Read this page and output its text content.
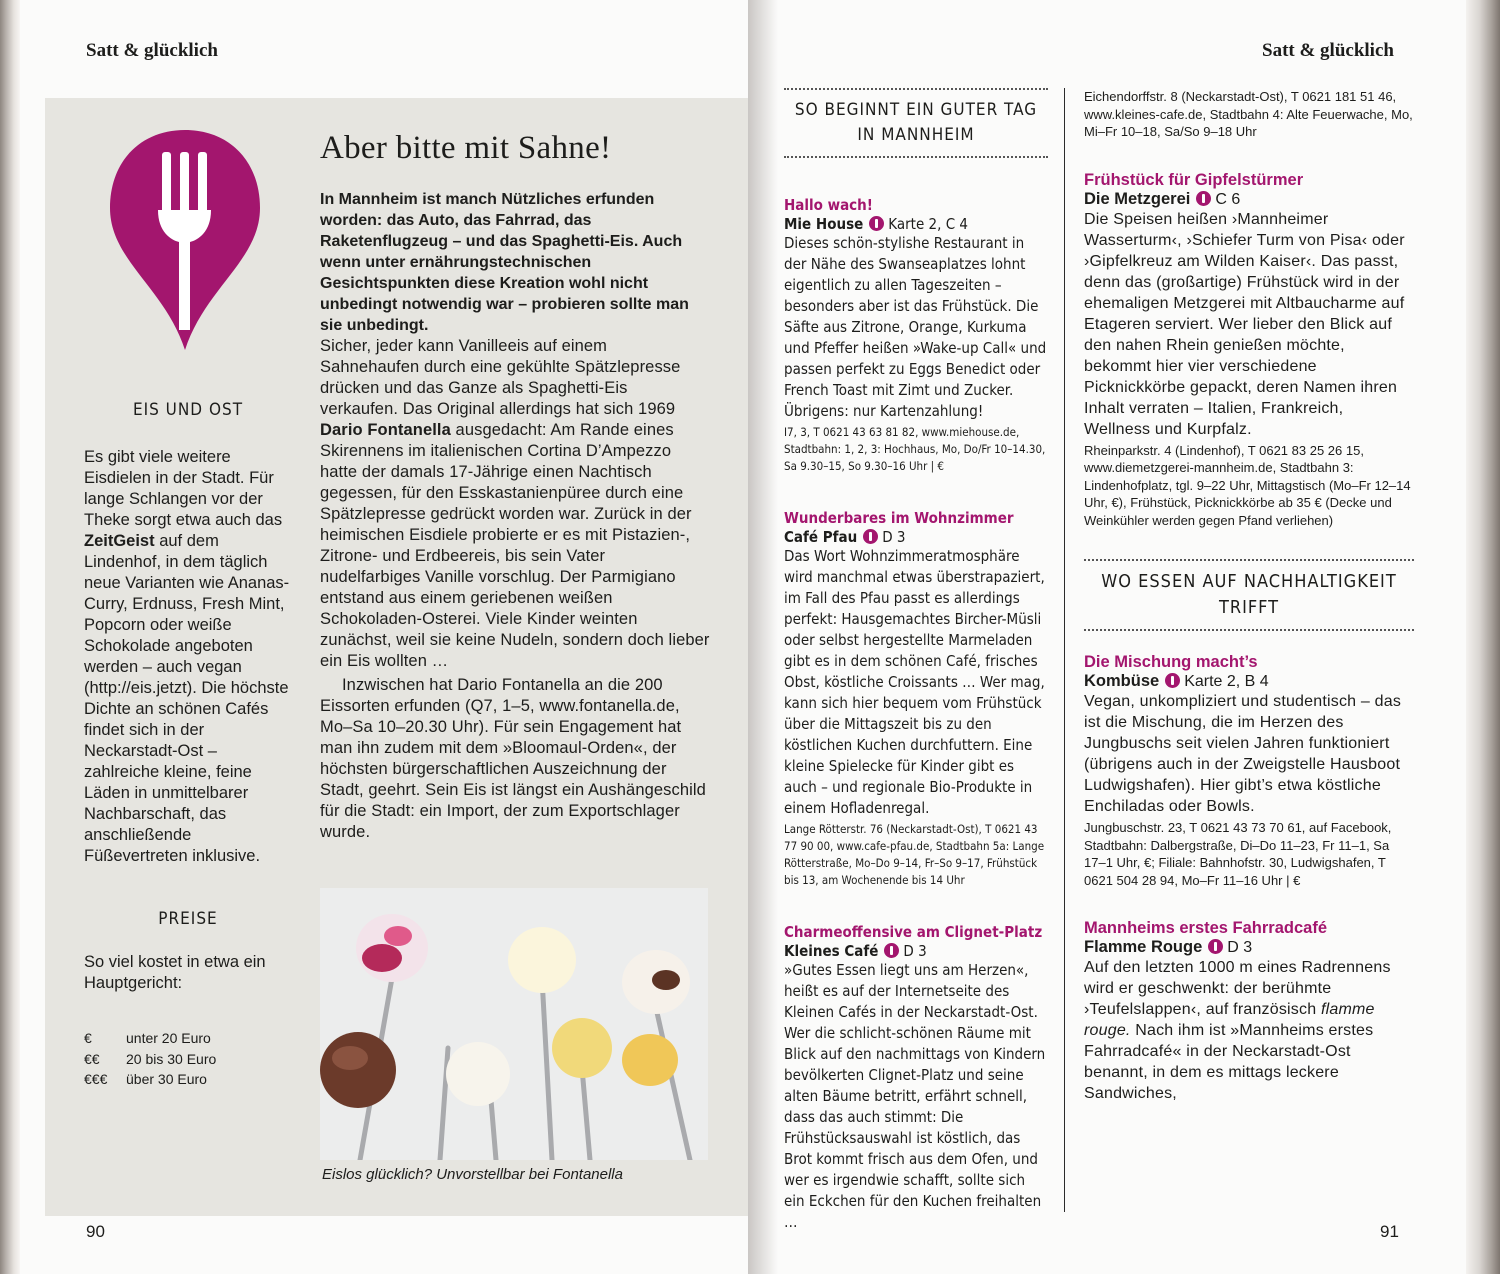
Satt & glücklich
EIS UND OST

Es gibt viele weitere Eisdielen in der Stadt. Für lange Schlangen vor der Theke sorgt etwa auch das ZeitGeist auf dem Lindenhof, in dem täglich neue Varianten wie Ananas-Curry, Erdnuss, Fresh Mint, Popcorn oder weiße Schokolade angeboten werden – auch vegan (http://eis.jetzt). Die höchste Dichte an schönen Cafés findet sich in der Neckarstadt-Ost – zahlreiche kleine, feine Läden in unmittelbarer Nachbarschaft, das anschließende Füßevertreten inklusive.

PREISE

So viel kostet in etwa ein Hauptgericht:

€	unter 20 Euro
€€	20 bis 30 Euro
€€€	über 30 Euro
Aber bitte mit Sahne!

In Mannheim ist manch Nützliches erfunden worden: das Auto, das Fahrrad, das Raketenflugzeug – und das Spaghetti-Eis. Auch wenn unter ernährungstechnischen Gesichtspunkten diese Kreation wohl nicht unbedingt notwendig war – probieren sollte man sie unbedingt.

Sicher, jeder kann Vanilleeis auf einem Sahnehaufen durch eine gekühlte Spätzlepresse drücken und das Ganze als Spaghetti-Eis verkaufen. Das Original allerdings hat sich 1969 Dario Fontanella ausgedacht: Am Rande eines Skirennens im italienischen Cortina D’Ampezzo hatte der damals 17-Jährige einen Nachtisch gegessen, für den Esskastanienpüree durch eine Spätzlepresse gedrückt worden war. Zurück in der heimischen Eisdiele probierte er es mit Pistazien-, Zitrone- und Erdbeereis, bis sein Vater nudelfarbiges Vanille vorschlug. Der Parmigiano entstand aus einem geriebenen weißen Schokoladen-Osterei. Viele Kinder weinten zunächst, weil sie keine Nudeln, sondern doch lieber ein Eis wollten …

Inzwischen hat Dario Fontanella an die 200 Eissorten erfunden (Q7, 1–5, www.fontanella.de, Mo–Sa 10–20.30 Uhr). Für sein Engagement hat man ihn zudem mit dem »Bloomaul-Orden«, der höchsten bürgerschaftlichen Auszeichnung der Stadt, geehrt. Sein Eis ist längst ein Aushängeschild für die Stadt: ein Import, der zum Exportschlager wurde.

Eislos glücklich? Unvorstellbar bei Fontanella
90
Satt & glücklich
SO BEGINNT EIN GUTER TAG
IN MANNHEIM
Hallo wach!
Mie House Karte 2, C 4

Dieses schön-stylishe Restaurant in der Nähe des Swanseaplatzes lohnt eigentlich zu allen Tageszeiten – besonders aber ist das Frühstück. Die Säfte aus Zitrone, Orange, Kurkuma und Pfeffer heißen »Wake-up Call« und passen perfekt zu Eggs Benedict oder French Toast mit Zimt und Zucker. Übrigens: nur Kartenzahlung!

I7, 3, T 0621 43 63 81 82, www.miehouse.de, Stadtbahn: 1, 2, 3: Hochhaus, Mo, Do/Fr 10–14.30, Sa 9.30–15, So 9.30–16 Uhr | €

Wunderbares im Wohnzimmer
Café Pfau D 3

Das Wort Wohnzimmeratmosphäre wird manchmal etwas überstrapaziert, im Fall des Pfau passt es allerdings perfekt: Hausgemachtes Bircher-Müsli oder selbst hergestellte Marmeladen gibt es in dem schönen Café, frisches Obst, köstliche Croissants … Wer mag, kann sich hier bequem vom Frühstück über die Mittagszeit bis zu den köstlichen Kuchen durchfuttern. Eine kleine Spielecke für Kinder gibt es auch – und regionale Bio-Produkte in einem Hofladenregal.

Lange Rötterstr. 76 (Neckarstadt-Ost), T 0621 43 77 90 00, www.cafe-pfau.de, Stadtbahn 5a: Lange Rötterstraße, Mo–Do 9–14, Fr–So 9–17, Frühstück bis 13, am Wochenende bis 14 Uhr

Charmeoffensive am Clignet-Platz
Kleines Café D 3

»Gutes Essen liegt uns am Herzen«, heißt es auf der Internetseite des Kleinen Cafés in der Neckarstadt-Ost. Wer die schlicht-schönen Räume mit Blick auf den nachmittags von Kindern bevölkerten Clignet-Platz und seine alten Bäume betritt, erfährt schnell, dass das auch stimmt: Die Frühstücksauswahl ist köstlich, das Brot kommt frisch aus dem Ofen, und wer es irgendwie schafft, sollte sich ein Eckchen für den Kuchen freihalten …

Eichendorffstr. 8 (Neckarstadt-Ost), T 0621 181 51 46, www.kleines-cafe.de, Stadtbahn 4: Alte Feuerwache, Mo, Mi–Fr 10–18, Sa/So 9–18 Uhr

Frühstück für Gipfelstürmer
Die Metzgerei C 6

Die Speisen heißen ›Mannheimer Wasserturm‹, ›Schiefer Turm von Pisa‹ oder ›Gipfelkreuz am Wilden Kaiser‹. Das passt, denn das (großartige) Frühstück wird in der ehemaligen Metzgerei mit Altbaucharme auf Etageren serviert. Wer lieber den Blick auf den nahen Rhein genießen möchte, bekommt hier vier verschiedene Picknickkörbe gepackt, deren Namen ihren Inhalt verraten – Italien, Frankreich, Wellness und Kurpfalz.

Rheinparkstr. 4 (Lindenhof), T 0621 83 25 26 15, www.diemetzgerei-mannheim.de, Stadtbahn 3: Lindenhofplatz, tgl. 9–22 Uhr, Mittagstisch (Mo–Fr 12–14 Uhr, €), Frühstück, Picknickkörbe ab 35 € (Decke und Weinkühler werden gegen Pfand verliehen)

WO ESSEN AUF NACHHALTIGKEIT
TRIFFT
Die Mischung macht’s
Kombüse Karte 2, B 4

Vegan, unkompliziert und studentisch – das ist die Mischung, die im Herzen des Jungbuschs seit vielen Jahren funktioniert (übrigens auch in der Zweigstelle Hausboot Ludwigshafen). Hier gibt’s etwa köstliche Enchiladas oder Bowls.

Jungbuschstr. 23, T 0621 43 73 70 61, auf Facebook, Stadtbahn: Dalbergstraße, Di–Do 11–23, Fr 11–1, Sa 17–1 Uhr, €; Filiale: Bahnhofstr. 30, Ludwigshafen, T 0621 504 28 94, Mo–Fr 11–16 Uhr | €

Mannheims erstes Fahrradcafé
Flamme Rouge D 3

Auf den letzten 1000 m eines Radrennens wird er geschwenkt: der berühmte ›Teufelslappen‹, auf französisch flamme rouge. Nach ihm ist »Mannheims erstes Fahrradcafé« in der Neckarstadt-Ost benannt, in dem es mittags leckere Sandwiches,

91
